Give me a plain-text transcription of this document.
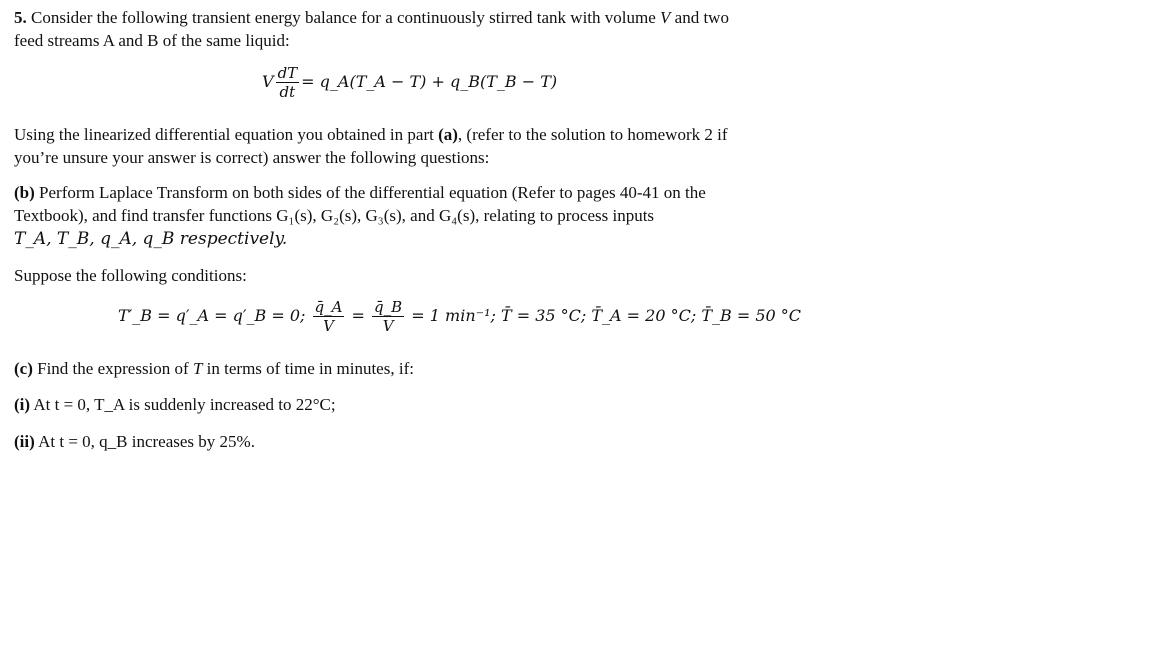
5. Consider the following transient energy balance for a continuously stirred tank with volume V and two
feed streams A and B of the same liquid:

V $\frac{dT}{dt}$ = q_A(T_A − T) + q_B(T_B − T)

Using the linearized differential equation you obtained in part (a), (refer to the solution to homework 2 if
you’re unsure your answer is correct) answer the following questions:

(b) Perform Laplace Transform on both sides of the differential equation (Refer to pages 40-41 on the
Textbook), and find transfer functions G₁(s), G₂(s), G₃(s), and G₄(s), relating to process inputs
T_A, T_B, q_A, q_B respectively.

Suppose the following conditions:

T′_B = q′_A = q′_B = 0; $\frac{q̄\_A}{V} = \frac{q̄\_B}{V} = 1$ min⁻¹; T̄ = 35 °C; T̄_A = 20 °C; T̄_B = 50 °C

(c) Find the expression of T in terms of time in minutes, if:

(i) At t = 0, T_A is suddenly increased to 22°C;

(ii) At t = 0, q_B increases by 25%.
